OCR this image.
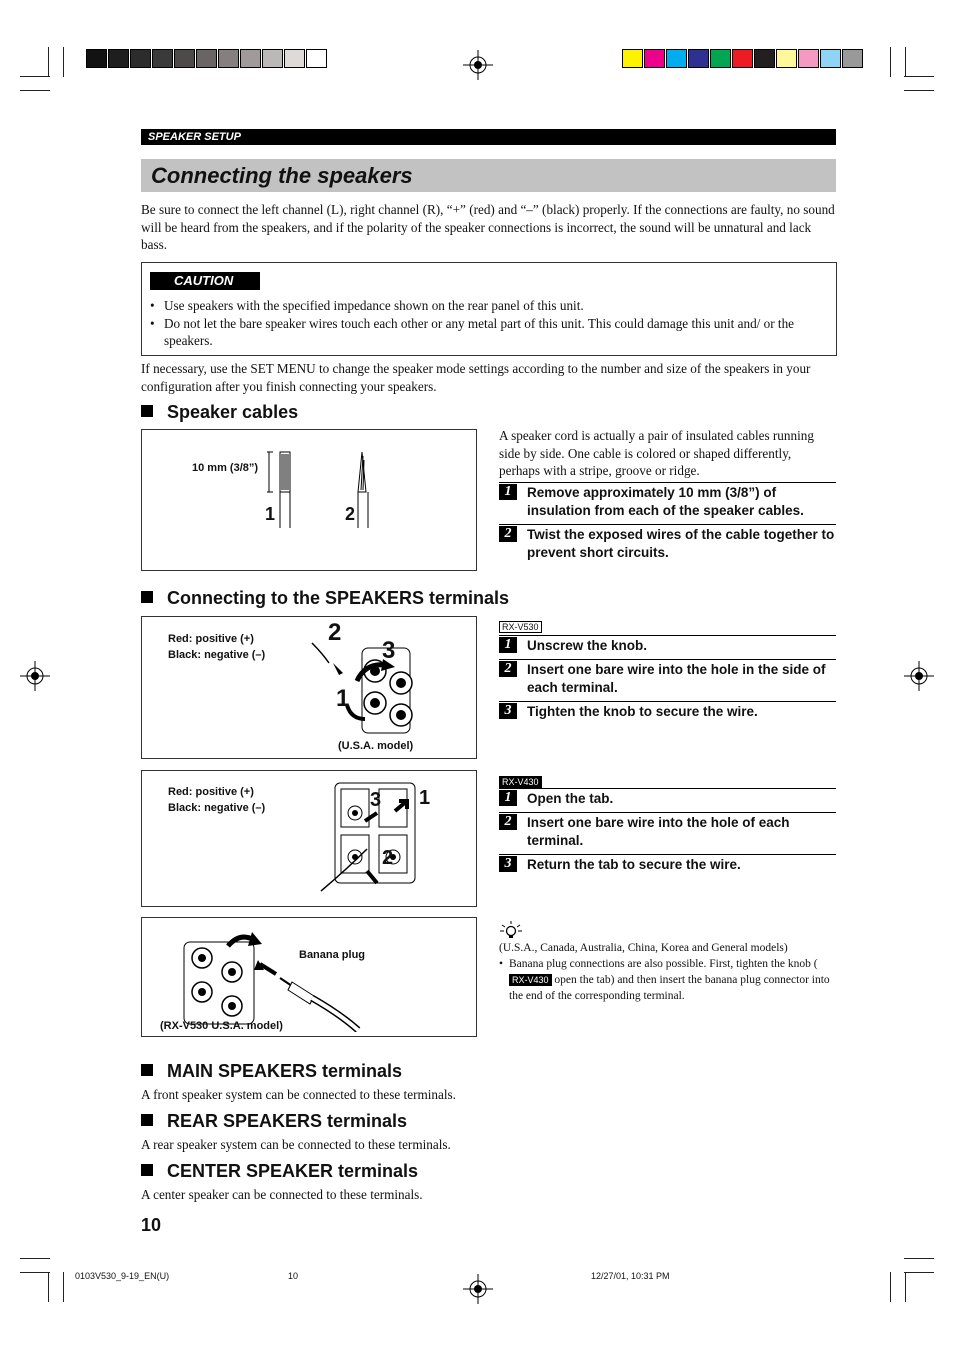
SPEAKER SETUP
Connecting the speakers
Be sure to connect the left channel (L), right channel (R), “+” (red) and “–” (black) properly. If the connections are faulty, no sound will be heard from the speakers, and if the polarity of the speaker connections is incorrect, the sound will be unnatural and lack bass.
CAUTION
• Use speakers with the specified impedance shown on the rear panel of this unit.
• Do not let the bare speaker wires touch each other or any metal part of this unit. This could damage this unit and/ or the speakers.
If necessary, use the SET MENU to change the speaker mode settings according to the number and size of the speakers in your configuration after you finish connecting your speakers.
Speaker cables
10 mm (3/8”)
1	2
A speaker cord is actually a pair of insulated cables running side by side. One cable is colored or shaped differently, perhaps with a stripe, groove or ridge.
1	Remove approximately 10 mm (3/8”) of insulation from each of the speaker cables.
2	Twist the exposed wires of the cable together to prevent short circuits.
Connecting to the SPEAKERS terminals
Red: positive (+)
Black: negative (–)
2
3
1
(U.S.A. model)
RX-V530
1	Unscrew the knob.
2	Insert one bare wire into the hole in the side of each terminal.
3	Tighten the knob to secure the wire.
Red: positive (+)
Black: negative (–)	3 1
2
RX-V430
1	Open the tab.
2	Insert one bare wire into the hole of each terminal.
3	Return the tab to secure the wire.
Banana plug
(RX-V530 U.S.A. model)
(U.S.A., Canada, Australia, China, Korea and General models)
• Banana plug connections are also possible. First, tighten the knob (RX-V430 open the tab) and then insert the banana plug connector into the end of the corresponding terminal.
MAIN SPEAKERS terminals
A front speaker system can be connected to these terminals.
REAR SPEAKERS terminals
A rear speaker system can be connected to these terminals.
CENTER SPEAKER terminals
A center speaker can be connected to these terminals.
10
0103V530_9-19_EN(U)	10	12/27/01, 10:31 PM
